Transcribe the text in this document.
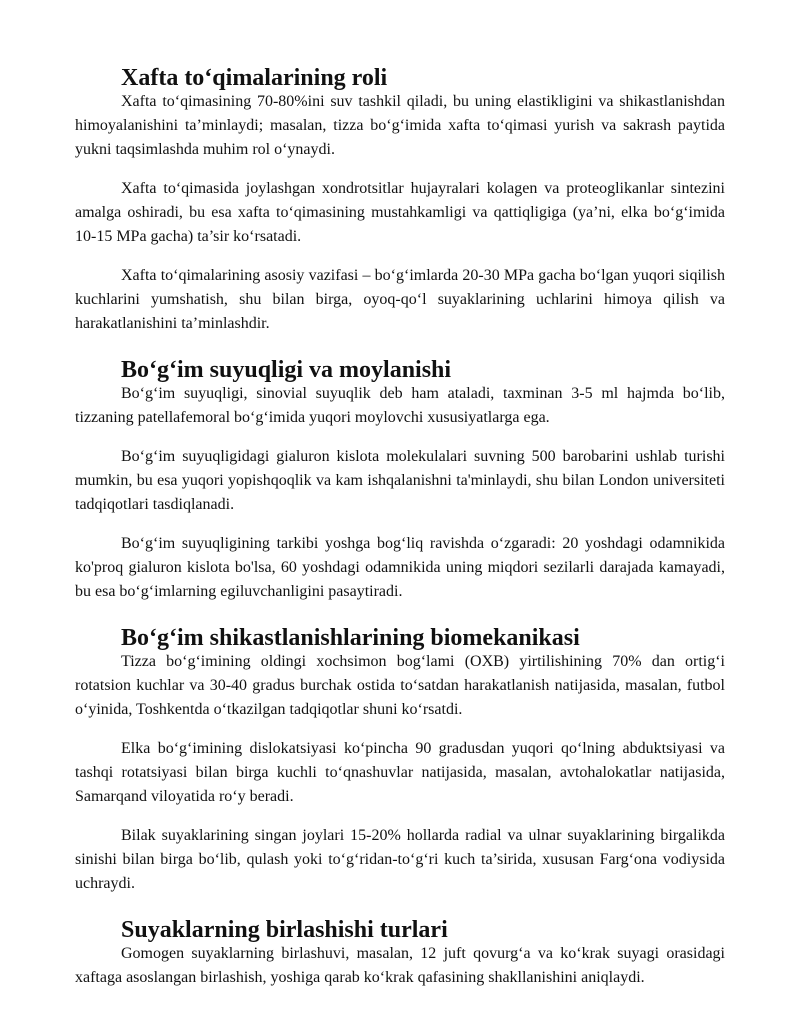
Xafta to‘qimalarining roli

Xafta to‘qimasining 70-80%ini suv tashkil qiladi, bu uning elastikligini va shikastlanishdan himoyalanishini ta’minlaydi; masalan, tizza bo‘g‘imida xafta to‘qimasi yurish va sakrash paytida yukni taqsimlashda muhim rol o‘ynaydi.

Xafta to‘qimasida joylashgan xondrotsitlar hujayralari kolagen va proteoglikanlar sintezini amalga oshiradi, bu esa xafta to‘qimasining mustahkamligi va qattiqligiga (ya’ni, elka bo‘g‘imida 10-15 MPa gacha) ta’sir ko‘rsatadi.

Xafta to‘qimalarining asosiy vazifasi – bo‘g‘imlarda 20-30 MPa gacha bo‘lgan yuqori siqilish kuchlarini yumshatish, shu bilan birga, oyoq-qo‘l suyaklarining uchlarini himoya qilish va harakatlanishini ta’minlashdir.

Bo‘g‘im suyuqligi va moylanishi

Bo‘g‘im suyuqligi, sinovial suyuqlik deb ham ataladi, taxminan 3-5 ml hajmda bo‘lib, tizzaning patellafemoral bo‘g‘imida yuqori moylovchi xususiyatlarga ega.

Bo‘g‘im suyuqligidagi gialuron kislota molekulalari suvning 500 barobarini ushlab turishi mumkin, bu esa yuqori yopishqoqlik va kam ishqalanishni ta'minlaydi, shu bilan London universiteti tadqiqotlari tasdiqlanadi.

Bo‘g‘im suyuqligining tarkibi yoshga bog‘liq ravishda o‘zgaradi: 20 yoshdagi odamnikida ko'proq gialuron kislota bo'lsa, 60 yoshdagi odamnikida uning miqdori sezilarli darajada kamayadi, bu esa bo‘g‘imlarning egiluvchanligini pasaytiradi.

Bo‘g‘im shikastlanishlarining biomekanikasi

Tizza bo‘g‘imining oldingi xochsimon bog‘lami (OXB) yirtilishining 70% dan ortig‘i rotatsion kuchlar va 30-40 gradus burchak ostida to‘satdan harakatlanish natijasida, masalan, futbol o‘yinida, Toshkentda o‘tkazilgan tadqiqotlar shuni ko‘rsatdi.

Elka bo‘g‘imining dislokatsiyasi ko‘pincha 90 gradusdan yuqori qo‘lning abduktsiyasi va tashqi rotatsiyasi bilan birga kuchli to‘qnashuvlar natijasida, masalan, avtohalokatlar natijasida, Samarqand viloyatida ro‘y beradi.

Bilak suyaklarining singan joylari 15-20% hollarda radial va ulnar suyaklarining birgalikda sinishi bilan birga bo‘lib, qulash yoki to‘g‘ridan-to‘g‘ri kuch ta’sirida, xususan Farg‘ona vodiysida uchraydi.

Suyaklarning birlashishi turlari

Gomogen suyaklarning birlashuvi, masalan, 12 juft qovurg‘a va ko‘krak suyagi orasidagi xaftaga asoslangan birlashish, yoshiga qarab ko‘krak qafasining shakllanishini aniqlaydi.
